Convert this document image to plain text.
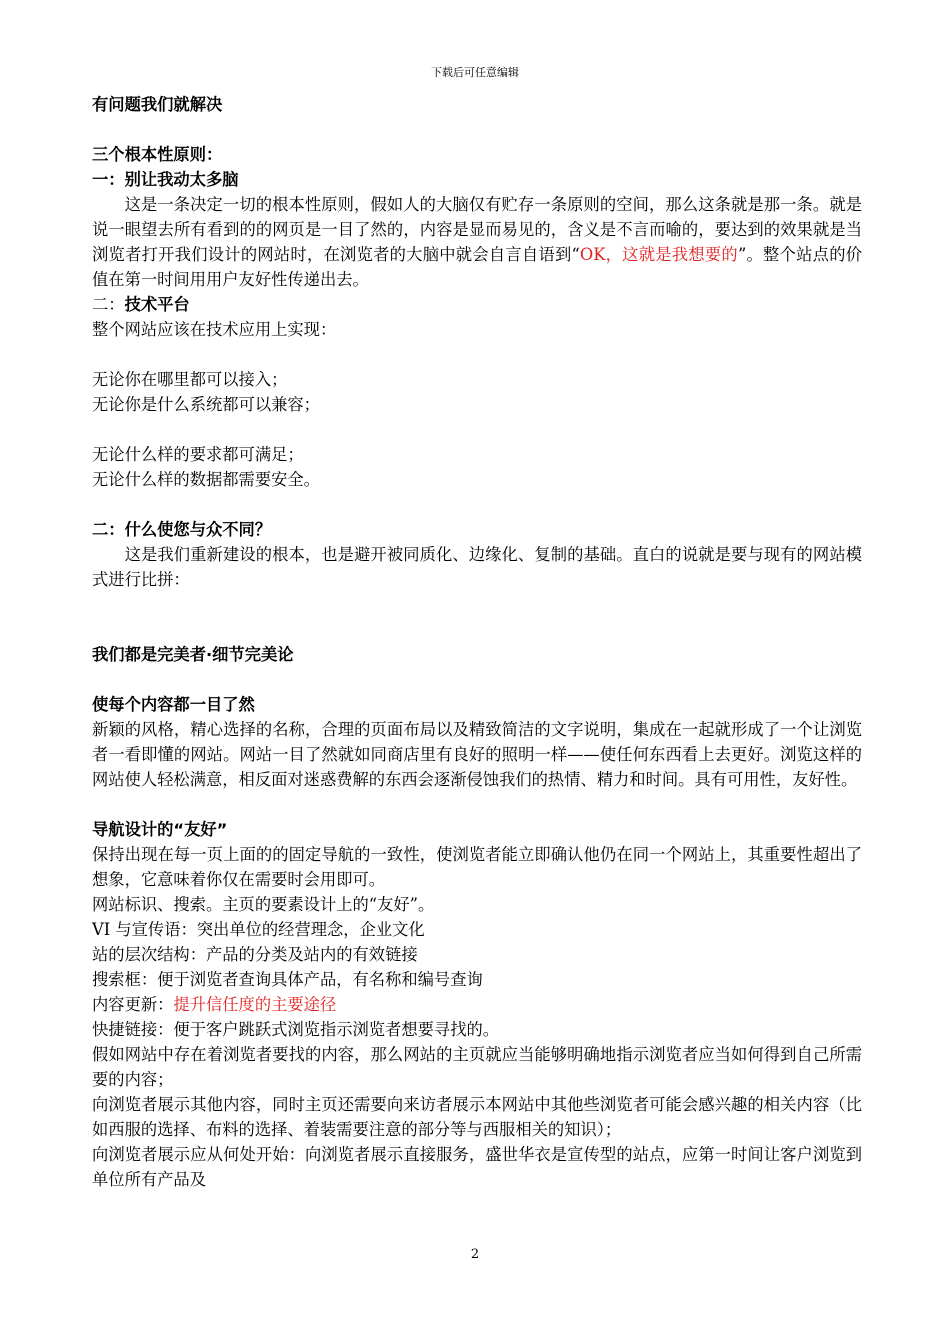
下载后可任意编辑

有问题我们就解决

三个根本性原则：

一：别让我动太多脑

这是一条决定一切的根本性原则，假如人的大脑仅有贮存一条原则的空间，那么这条就是那一条。就是说一眼望去所有看到的的网页是一目了然的，内容是显而易见的，含义是不言而喻的，要达到的效果就是当浏览者打开我们设计的网站时，在浏览者的大脑中就会自言自语到“OK，这就是我想要的”。整个站点的价值在第一时间用用户友好性传递出去。

二：技术平台

整个网站应该在技术应用上实现：

无论你在哪里都可以接入；

无论你是什么系统都可以兼容；

无论什么样的要求都可满足；

无论什么样的数据都需要安全。

二：什么使您与众不同？

这是我们重新建设的根本，也是避开被同质化、边缘化、复制的基础。直白的说就是要与现有的网站模式进行比拼：

我们都是完美者·细节完美论

使每个内容都一目了然

新颖的风格，精心选择的名称，合理的页面布局以及精致简洁的文字说明，集成在一起就形成了一个让浏览者一看即懂的网站。网站一目了然就如同商店里有良好的照明一样——使任何东西看上去更好。浏览这样的网站使人轻松满意，相反面对迷惑费解的东西会逐渐侵蚀我们的热情、精力和时间。具有可用性，友好性。

导航设计的“友好”

保持出现在每一页上面的的固定导航的一致性，使浏览者能立即确认他仍在同一个网站上，其重要性超出了想象，它意味着你仅在需要时会用即可。

网站标识、搜索。主页的要素设计上的“友好”。

VI 与宣传语：突出单位的经营理念，企业文化

站的层次结构：产品的分类及站内的有效链接

搜索框：便于浏览者查询具体产品，有名称和编号查询

内容更新：提升信任度的主要途径

快捷链接：便于客户跳跃式浏览指示浏览者想要寻找的。

假如网站中存在着浏览者要找的内容，那么网站的主页就应当能够明确地指示浏览者应当如何得到自己所需要的内容；

向浏览者展示其他内容，同时主页还需要向来访者展示本网站中其他些浏览者可能会感兴趣的相关内容（比如西服的选择、布料的选择、着装需要注意的部分等与西服相关的知识）；

向浏览者展示应从何处开始：向浏览者展示直接服务，盛世华衣是宣传型的站点，应第一时间让客户浏览到单位所有产品及

2
